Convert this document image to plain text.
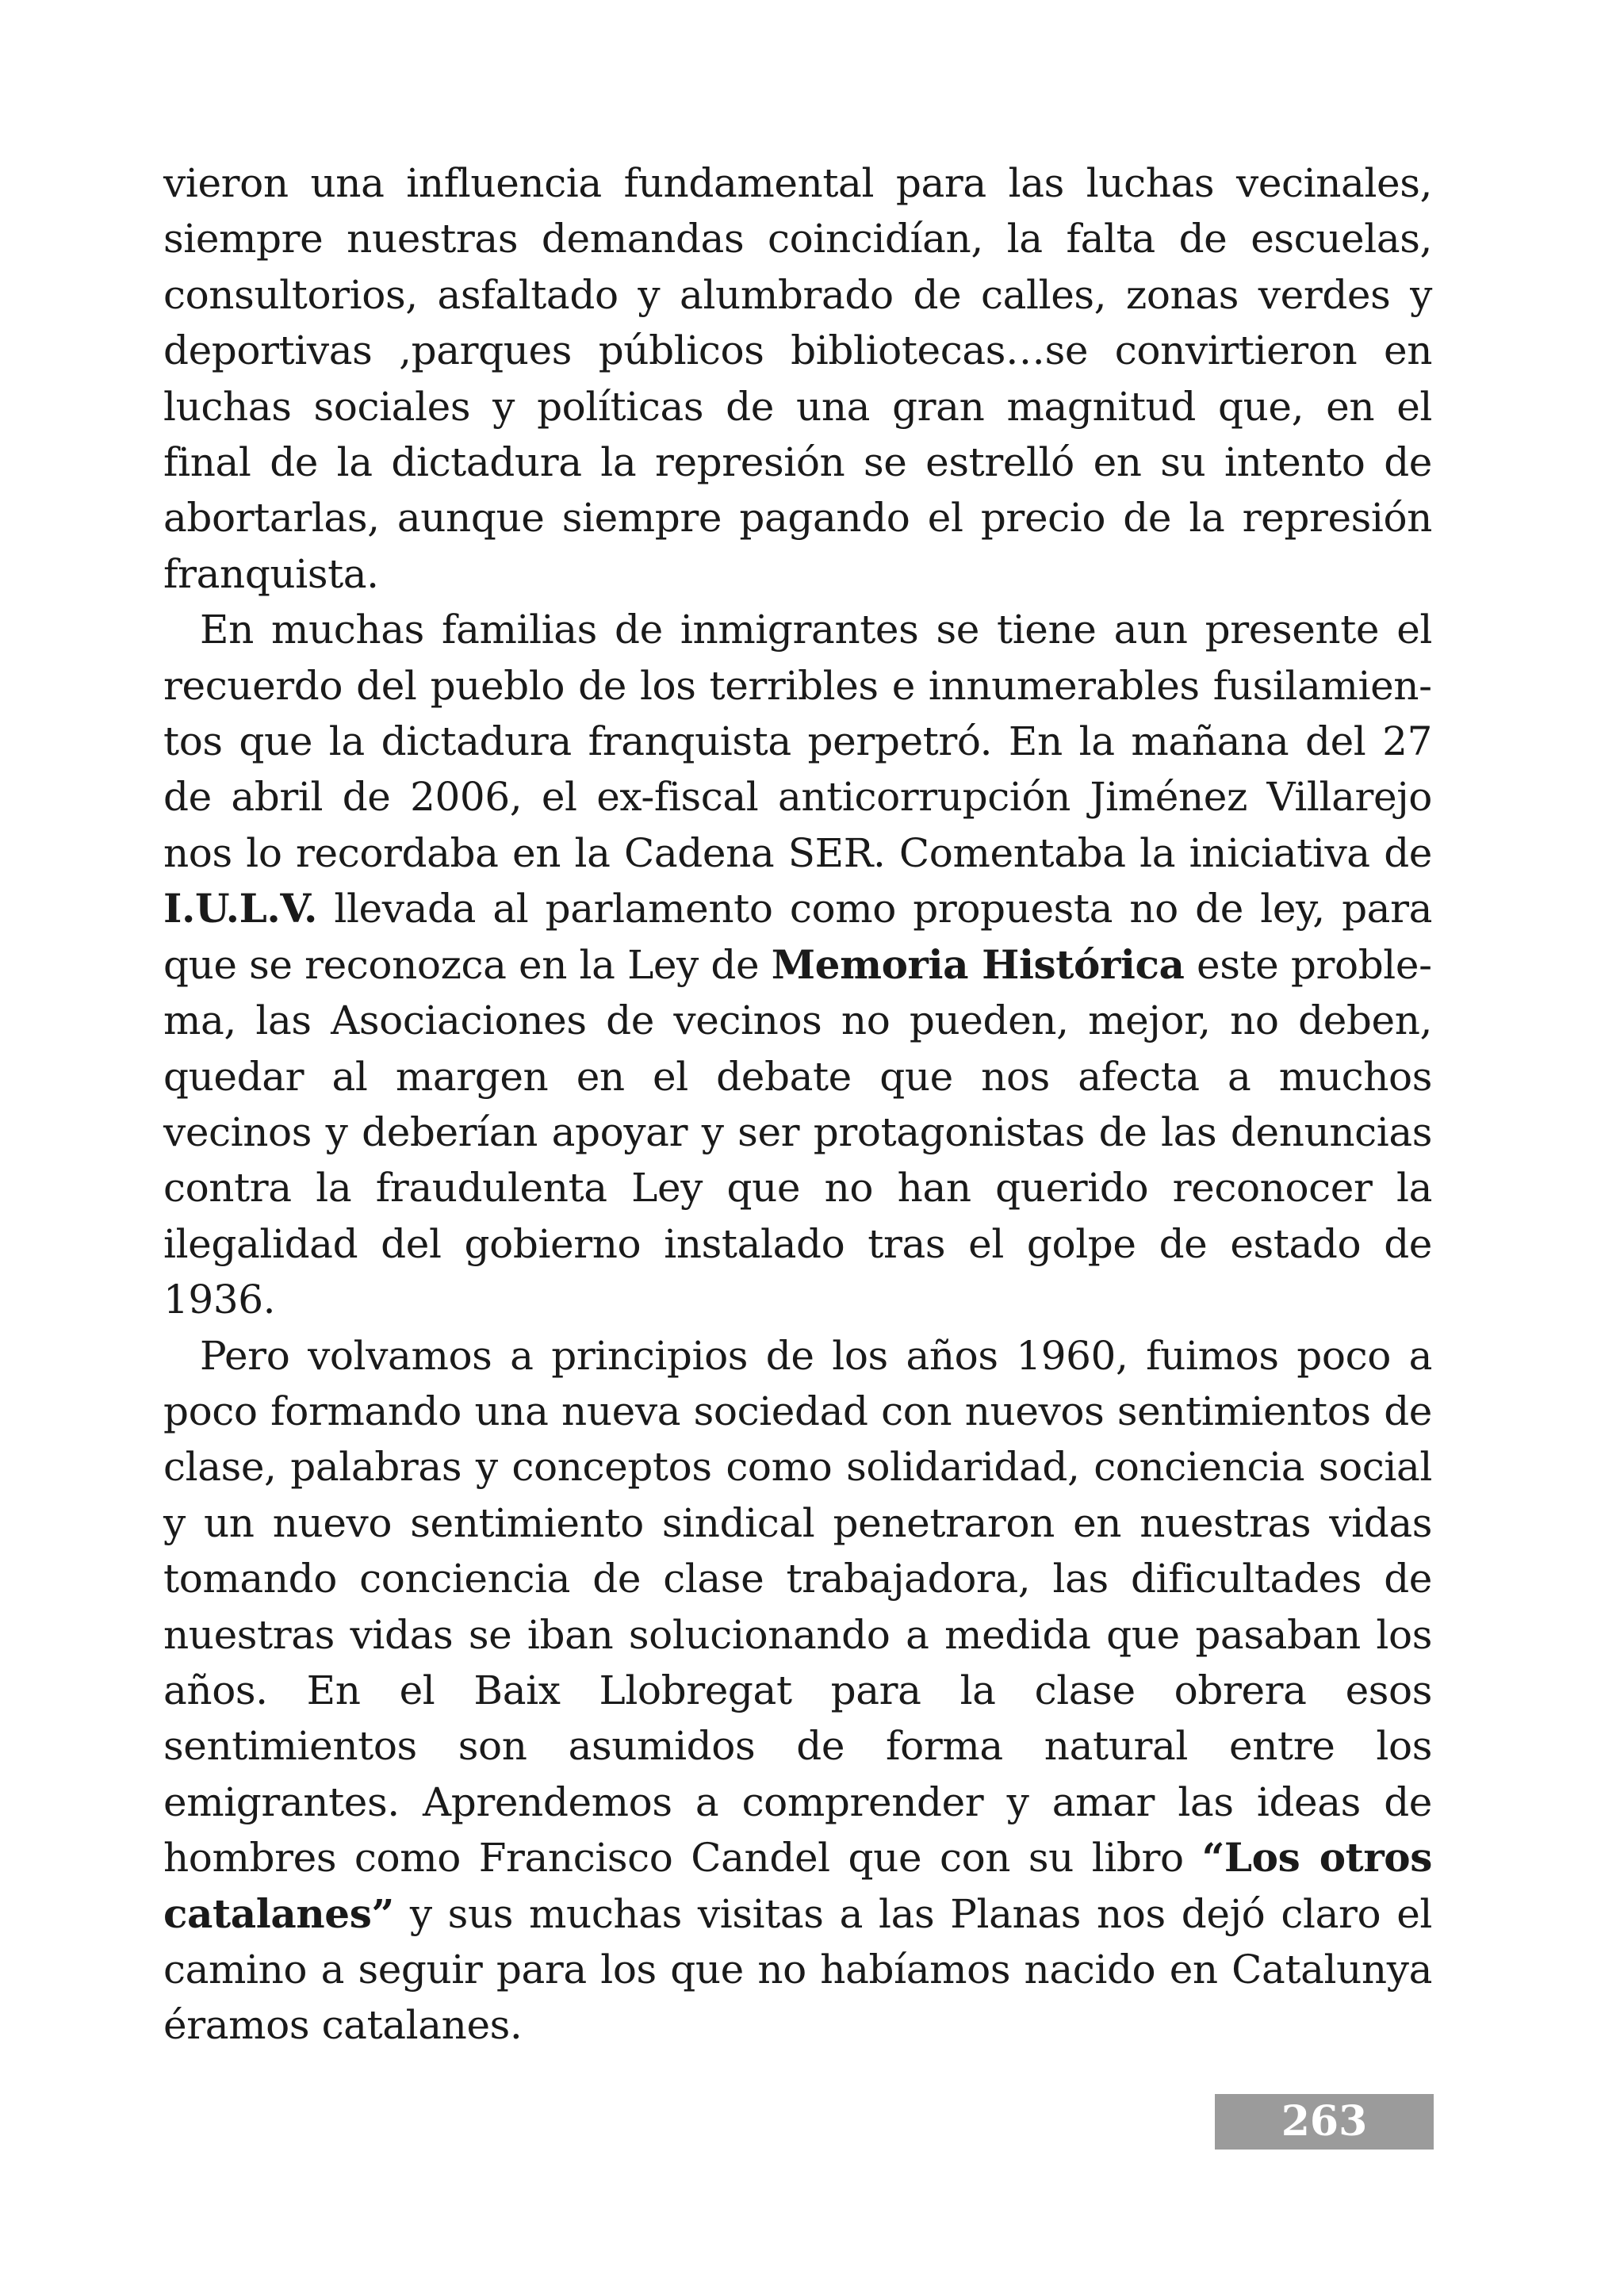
vieron una influencia fundamental para las luchas vecinales, siempre nuestras demandas coincidían, la falta de escuelas, consultorios, asfaltado y alumbrado de calles, zonas verdes y deportivas ,parques públicos bibliotecas…se convirtieron en luchas sociales y políticas de una gran magnitud que, en el final de la dictadura la represión se estrelló en su intento de abortarlas, aunque siempre pagando el precio de la represión franquista.

En muchas familias de inmigrantes se tiene aun presente el recuerdo del pueblo de los terribles e innumerables fusilamientos que la dictadura franquista perpetró. En la mañana del 27 de abril de 2006, el ex-fiscal anticorrupción Jiménez Villarejo nos lo recordaba en la Cadena SER. Comentaba la iniciativa de I.U.L.V. llevada al parlamento como propuesta no de ley, para que se reconozca en la Ley de Memoria Histórica este problema, las Asociaciones de vecinos no pueden, mejor, no deben, quedar al margen en el debate que nos afecta a muchos vecinos y deberían apoyar y ser protagonistas de las denuncias contra la fraudulenta Ley que no han querido reconocer la ilegalidad del gobierno instalado tras el golpe de estado de 1936.

Pero volvamos a principios de los años 1960, fuimos poco a poco formando una nueva sociedad con nuevos sentimientos de clase, palabras y conceptos como solidaridad, conciencia social y un nuevo sentimiento sindical penetraron en nuestras vidas tomando conciencia de clase trabajadora, las dificultades de nuestras vidas se iban solucionando a medida que pasaban los años. En el Baix Llobregat para la clase obrera esos sentimientos son asumidos de forma natural entre los emigrantes. Aprendemos a comprender y amar las ideas de hombres como Francisco Candel que con su libro “Los otros catalanes” y sus muchas visitas a las Planas nos dejó claro el camino a seguir para los que no habíamos nacido en Catalunya éramos catalanes.

263
